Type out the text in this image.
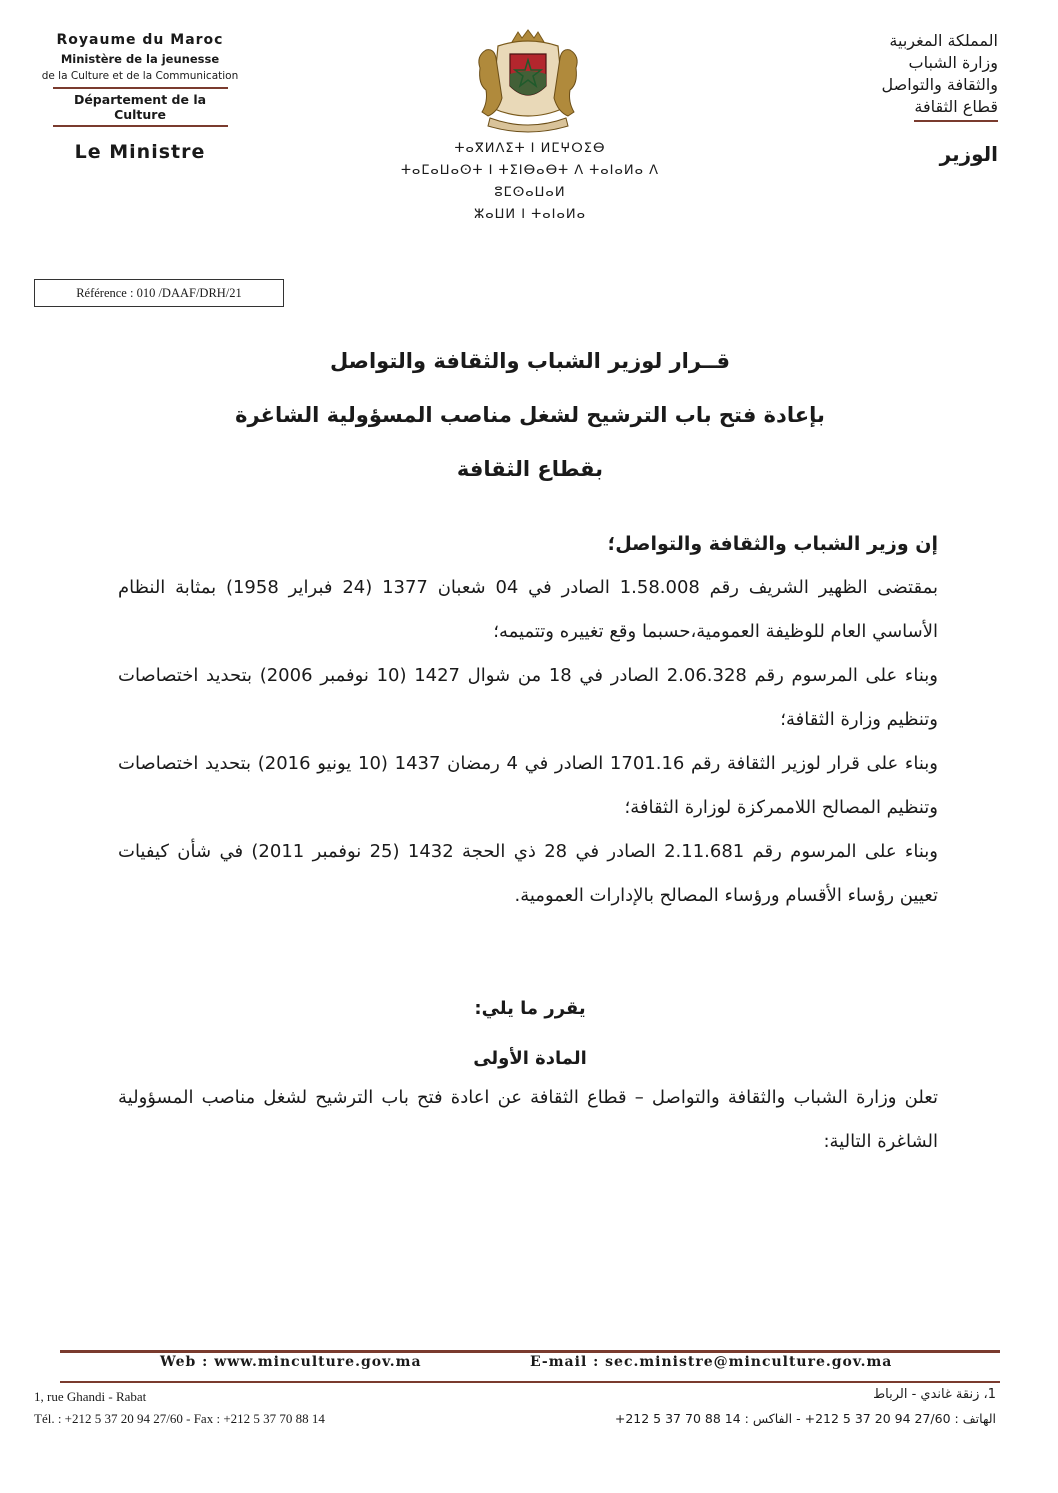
Royaume du Maroc
Ministère de la jeunesse
de la Culture et de la Communication
Département de la Culture
Le Ministre	ⵜⴰⴳⵍⴷⵉⵜ ⵏ ⵍⵎⵖⵔⵉⴱ
ⵜⴰⵎⴰⵡⴰⵙⵜ ⵏ ⵜⵉⵏⴱⴰⴱⵜ ⴷ ⵜⴰⵏⴰⵍⴰ ⴷ ⵓⵎⵙⴰⵡⴰⵍ
ⵣⴰⵡⵍ ⵏ ⵜⴰⵏⴰⵍⴰ
المملكة المغربية
وزارة الشباب
والثقافة والتواصل
قطاع الثقافة
الوزير
Référence : 010 /DAAF/DRH/21
قــرار لوزير الشباب والثقافة والتواصل
بإعادة فتح باب الترشيح لشغل مناصب المسؤولية الشاغرة
بقطاع الثقافة

إن وزير الشباب والثقافة والتواصل؛

بمقتضى الظهير الشريف رقم 1.58.008 الصادر في 04 شعبان 1377 (24 فبراير 1958) بمثابة النظام الأساسي العام للوظيفة العمومية،حسبما وقع تغييره وتتميمه؛

وبناء على المرسوم رقم 2.06.328 الصادر في 18 من شوال 1427 (10 نوفمبر 2006) بتحديد اختصاصات وتنظيم وزارة الثقافة؛

وبناء على قرار لوزير الثقافة رقم 1701.16 الصادر في 4 رمضان 1437 (10 يونيو 2016) بتحديد اختصاصات وتنظيم المصالح اللاممركزة لوزارة الثقافة؛

وبناء على المرسوم رقم 2.11.681 الصادر في 28 ذي الحجة 1432 (25 نوفمبر 2011) في شأن كيفيات تعيين رؤساء الأقسام ورؤساء المصالح بالإدارات العمومية.

يقرر ما يلي:
المادة الأولى

تعلن وزارة الشباب والثقافة والتواصل – قطاع الثقافة عن اعادة فتح باب الترشيح لشغل مناصب المسؤولية الشاغرة التالية:

Web : www.minculture.gov.ma	E-mail : sec.ministre@minculture.gov.ma
1, rue Ghandi - Rabat
Tél. : +212 5 37 20 94 27/60 - Fax : +212 5 37 70 88 14
1، زنقة غاندي - الرباط
الهاتف : 27/60 94 20 37 5 212+ - الفاكس : 14 88 70 37 5 212+
